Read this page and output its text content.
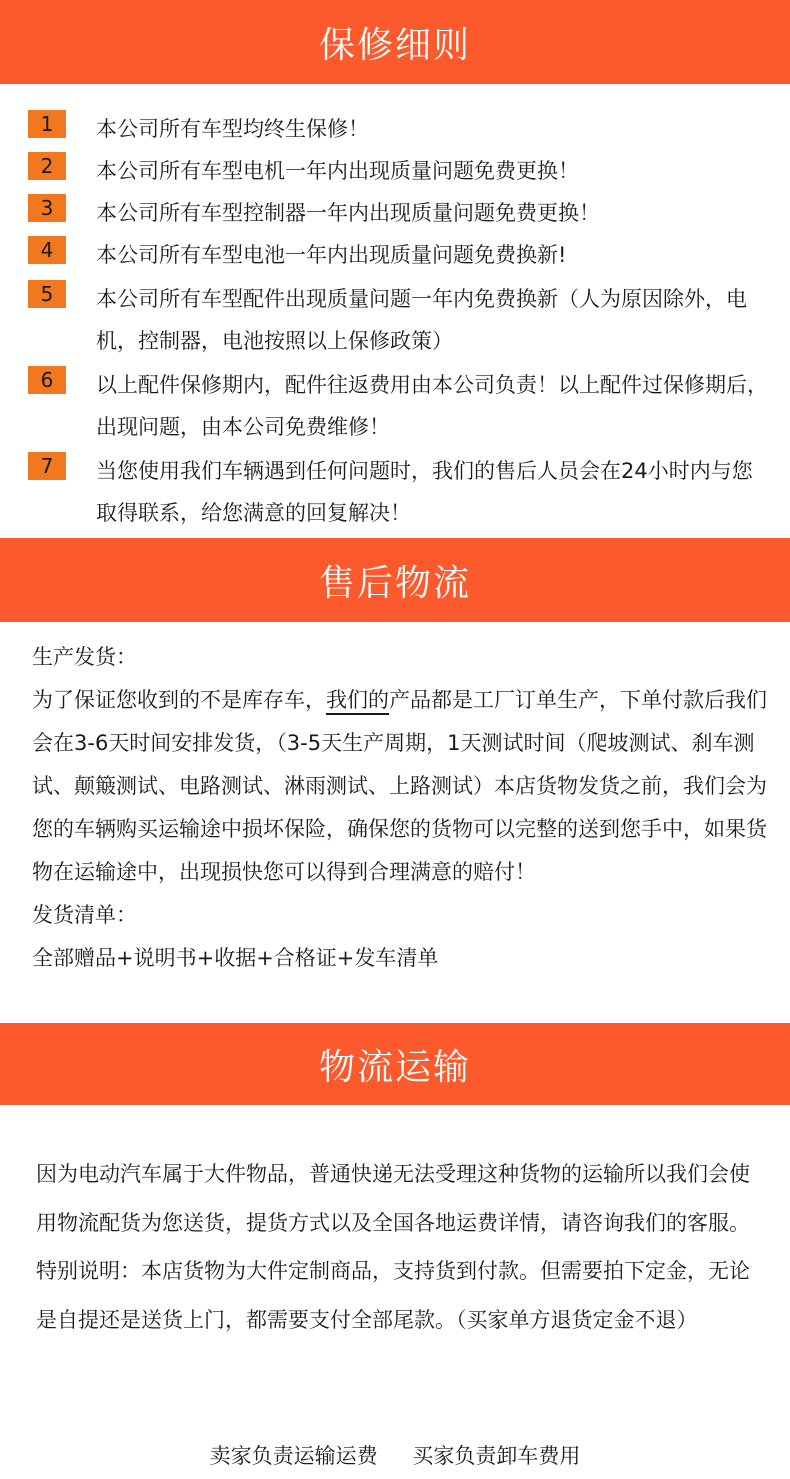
保修细则
1	本公司所有车型均终生保修！

2	本公司所有车型电机一年内出现质量问题免费更换！

3	本公司所有车型控制器一年内出现质量问题免费更换！

4	本公司所有车型电池一年内出现质量问题免费换新!

5	本公司所有车型配件出现质量问题一年内免费换新（人为原因除外，电机，控制器，电池按照以上保修政策）

6	以上配件保修期内，配件往返费用由本公司负责！以上配件过保修期后，出现问题，由本公司免费维修！

7	当您使用我们车辆遇到任何问题时，我们的售后人员会在24小时内与您取得联系，给您满意的回复解决！

售后物流
生产发货：
为了保证您收到的不是库存车，我们的产品都是工厂订单生产，下单付款后我们会在3-6天时间安排发货，（3-5天生产周期，1天测试时间（爬坡测试、刹车测试、颠簸测试、电路测试、淋雨测试、上路测试）本店货物发货之前，我们会为您的车辆购买运输途中损坏保险，确保您的货物可以完整的送到您手中，如果货物在运输途中，出现损快您可以得到合理满意的赔付！
发货清单：
全部赠品+说明书+收据+合格证+发车清单
物流运输
因为电动汽车属于大件物品，普通快递无法受理这种货物的运输所以我们会使用物流配货为您送货，提货方式以及全国各地运费详情，请咨询我们的客服。
特别说明：本店货物为大件定制商品，支持货到付款。但需要拍下定金，无论是自提还是送货上门，都需要支付全部尾款。（买家单方退货定金不退）
卖家负责运输运费 买家负责卸车费用
